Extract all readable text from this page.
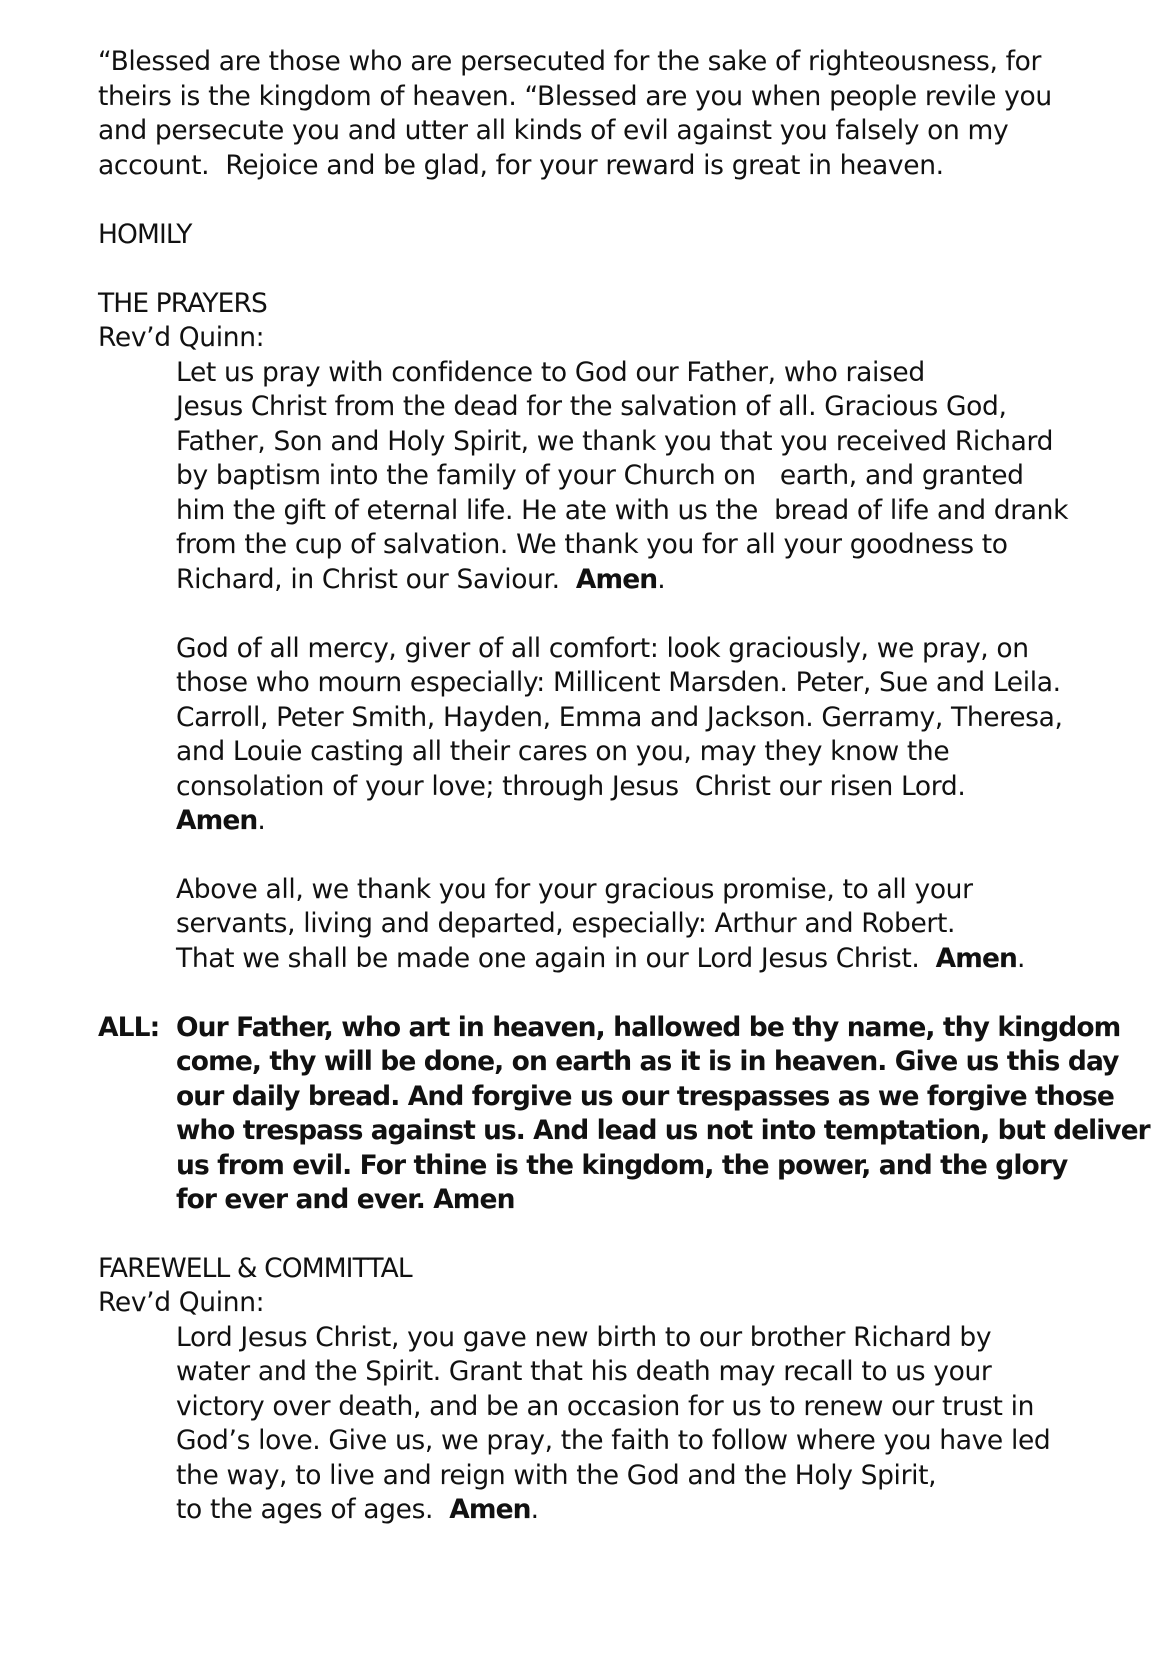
“Blessed are those who are persecuted for the sake of righteousness, for

theirs is the kingdom of heaven. “Blessed are you when people revile you

and persecute you and utter all kinds of evil against you falsely on my

account.  Rejoice and be glad, for your reward is great in heaven.

HOMILY

THE PRAYERS

Rev’d Quinn:

Let us pray with confidence to God our Father, who raised

Jesus Christ from the dead for the salvation of all. Gracious God,

Father, Son and Holy Spirit, we thank you that you received Richard

by baptism into the family of your Church on   earth, and granted

him the gift of eternal life. He ate with us the  bread of life and drank

from the cup of salvation. We thank you for all your goodness to

Richard, in Christ our Saviour.  Amen.

God of all mercy, giver of all comfort: look graciously, we pray, on

those who mourn especially: Millicent Marsden. Peter, Sue and Leila.

Carroll, Peter Smith, Hayden, Emma and Jackson. Gerramy, Theresa,

and Louie casting all their cares on you, may they know the

consolation of your love; through Jesus  Christ our risen Lord.

Amen.

Above all, we thank you for your gracious promise, to all your

servants, living and departed, especially: Arthur and Robert.

That we shall be made one again in our Lord Jesus Christ.  Amen.

ALL: Our Father, who art in heaven, hallowed be thy name, thy kingdom

come, thy will be done, on earth as it is in heaven. Give us this day

our daily bread. And forgive us our trespasses as we forgive those

who trespass against us. And lead us not into temptation, but deliver

us from evil. For thine is the kingdom, the power, and the glory

for ever and ever. Amen

FAREWELL & COMMITTAL

Rev’d Quinn:

Lord Jesus Christ, you gave new birth to our brother Richard by

water and the Spirit. Grant that his death may recall to us your

victory over death, and be an occasion for us to renew our trust in

God’s love. Give us, we pray, the faith to follow where you have led

the way, to live and reign with the God and the Holy Spirit,

to the ages of ages.  Amen.
